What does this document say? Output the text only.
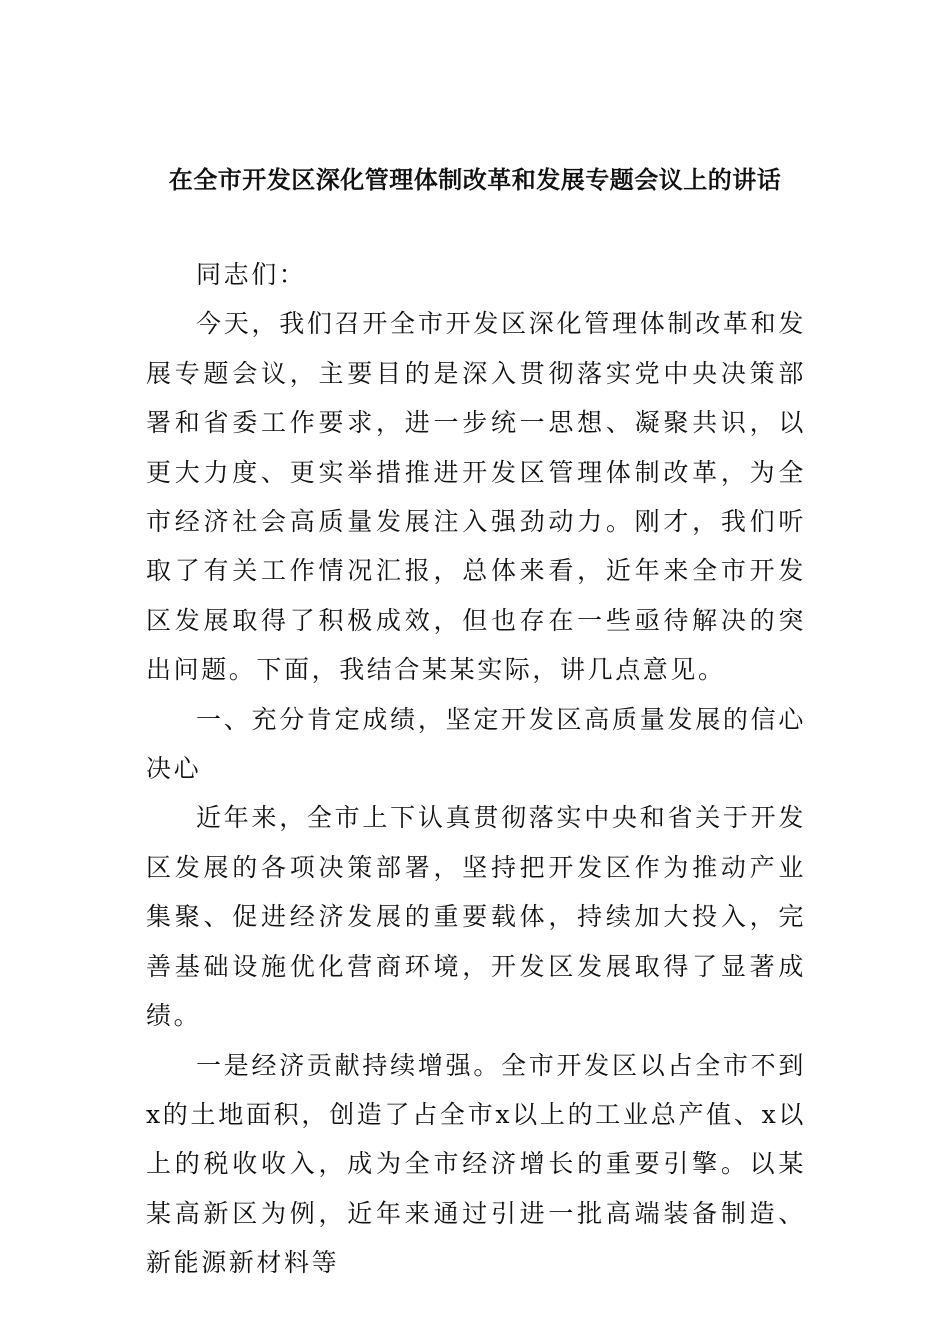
在全市开发区深化管理体制改革和发展专题会议上的讲话

同志们：

今天，我们召开全市开发区深化管理体制改革和发展专题会议，主要目的是深入贯彻落实党中央决策部署和省委工作要求，进一步统一思想、凝聚共识，以更大力度、更实举措推进开发区管理体制改革，为全市经济社会高质量发展注入强劲动力。刚才，我们听取了有关工作情况汇报，总体来看，近年来全市开发区发展取得了积极成效，但也存在一些亟待解决的突出问题。下面，我结合某某实际，讲几点意见。

一、充分肯定成绩，坚定开发区高质量发展的信心决心

近年来，全市上下认真贯彻落实中央和省关于开发区发展的各项决策部署，坚持把开发区作为推动产业集聚、促进经济发展的重要载体，持续加大投入，完善基础设施优化营商环境，开发区发展取得了显著成绩。

一是经济贡献持续增强。全市开发区以占全市不到x的土地面积，创造了占全市x以上的工业总产值、x以上的税收收入，成为全市经济增长的重要引擎。以某某高新区为例，近年来通过引进一批高端装备制造、新能源新材料等
